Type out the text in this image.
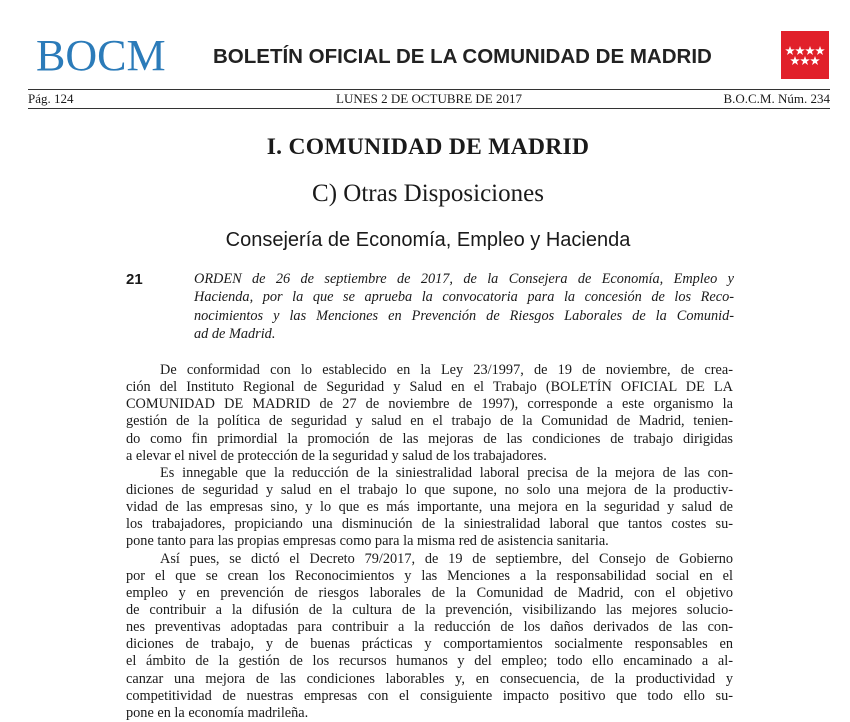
BOCM BOLETÍN OFICIAL DE LA COMUNIDAD DE MADRID
Pág. 124	LUNES 2 DE OCTUBRE DE 2017	B.O.C.M. Núm. 234
I. COMUNIDAD DE MADRID
C) Otras Disposiciones
Consejería de Economía, Empleo y Hacienda
21	ORDEN de 26 de septiembre de 2017, de la Consejera de Economía, Empleo y
Hacienda, por la que se aprueba la convocatoria para la concesión de los Reco-
nocimientos y las Menciones en Prevención de Riesgos Laborales de la Comunid-
ad de Madrid.
De conformidad con lo establecido en la Ley 23/1997, de 19 de noviembre, de crea-
ción del Instituto Regional de Seguridad y Salud en el Trabajo (BOLETÍN OFICIAL DE LA
COMUNIDAD DE MADRID de 27 de noviembre de 1997), corresponde a este organismo la
gestión de la política de seguridad y salud en el trabajo de la Comunidad de Madrid, tenien-
do como fin primordial la promoción de las mejoras de las condiciones de trabajo dirigidas
a elevar el nivel de protección de la seguridad y salud de los trabajadores.
Es innegable que la reducción de la siniestralidad laboral precisa de la mejora de las con-
diciones de seguridad y salud en el trabajo lo que supone, no solo una mejora de la productiv-
vidad de las empresas sino, y lo que es más importante, una mejora en la seguridad y salud de
los trabajadores, propiciando una disminución de la siniestralidad laboral que tantos costes su-
pone tanto para las propias empresas como para la misma red de asistencia sanitaria.
Así pues, se dictó el Decreto 79/2017, de 19 de septiembre, del Consejo de Gobierno
por el que se crean los Reconocimientos y las Menciones a la responsabilidad social en el
empleo y en prevención de riesgos laborales de la Comunidad de Madrid, con el objetivo
de contribuir a la difusión de la cultura de la prevención, visibilizando las mejores solucio-
nes preventivas adoptadas para contribuir a la reducción de los daños derivados de las con-
diciones de trabajo, y de buenas prácticas y comportamientos socialmente responsables en
el ámbito de la gestión de los recursos humanos y del empleo; todo ello encaminado a al-
canzar una mejora de las condiciones laborables y, en consecuencia, de la productividad y
competitividad de nuestras empresas con el consiguiente impacto positivo que todo ello su-
pone en la economía madrileña.
